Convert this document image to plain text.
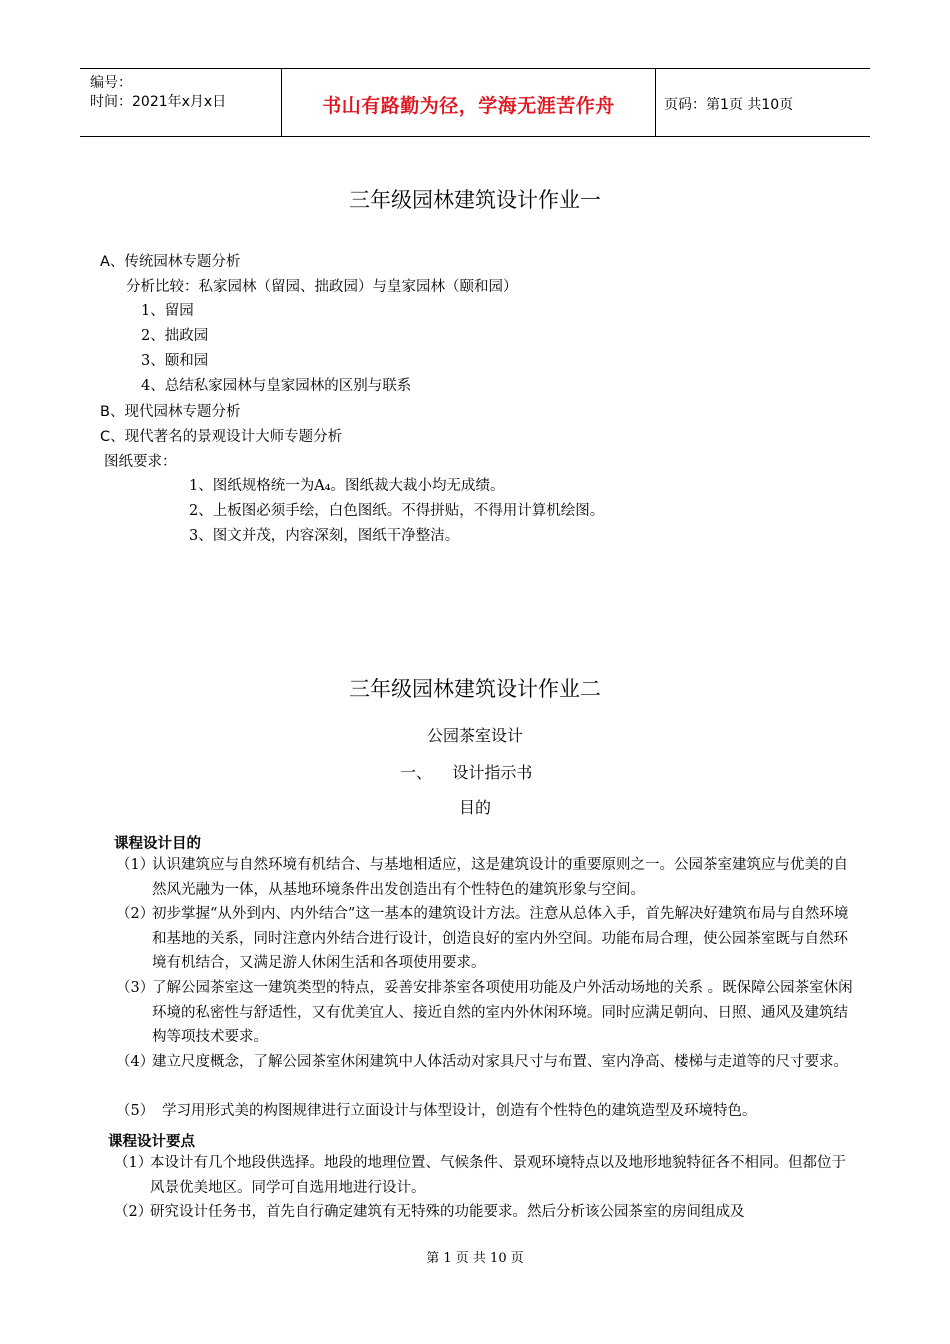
编号：
时间：2021年x月x日	书山有路勤为径，学海无涯苦作舟	页码：第1页 共10页
三年级园林建筑设计作业一
A、传统园林专题分析
分析比较：私家园林（留园、拙政园）与皇家园林（颐和园）
1、留园
2、拙政园
3、颐和园
4、总结私家园林与皇家园林的区别与联系
B、现代园林专题分析
C、现代著名的景观设计大师专题分析
图纸要求：
1、图纸规格统一为A₄。图纸裁大裁小均无成绩。
2、上板图必须手绘，白色图纸。不得拼贴，不得用计算机绘图。
3、图文并茂，内容深刻，图纸干净整洁。
三年级园林建筑设计作业二
公园茶室设计
一、    设计指示书
目的
课程设计目的
（1）
认识建筑应与自然环境有机结合、与基地相适应，这是建筑设计的重要原则之一。公园茶室建筑应与优美的自然风光融为一体，从基地环境条件出发创造出有个性特色的建筑形象与空间。
（2）
初步掌握“从外到内、内外结合”这一基本的建筑设计方法。注意从总体入手，首先解决好建筑布局与自然环境和基地的关系，同时注意内外结合进行设计，创造良好的室内外空间。功能布局合理，使公园茶室既与自然环境有机结合，又满足游人休闲生活和各项使用要求。
（3）
了解公园茶室这一建筑类型的特点，妥善安排茶室各项使用功能及户外活动场地的关系 。既保障公园茶室休闲环境的私密性与舒适性，又有优美宜人、接近自然的室内外休闲环境。同时应满足朝向、日照、通风及建筑结构等项技术要求。
（4）
建立尺度概念，了解公园茶室休闲建筑中人体活动对家具尺寸与布置、室内净高、楼梯与走道等的尺寸要求。
（5） 学习用形式美的构图规律进行立面设计与体型设计，创造有个性特色的建筑造型及环境特色。
课程设计要点
（1）
本设计有几个地段供选择。地段的地理位置、气候条件、景观环境特点以及地形地貌特征各不相同。但都位于风景优美地区。同学可自选用地进行设计。
（2）
研究设计任务书，首先自行确定建筑有无特殊的功能要求。然后分析该公园茶室的房间组成及
第 1 页 共 10 页
